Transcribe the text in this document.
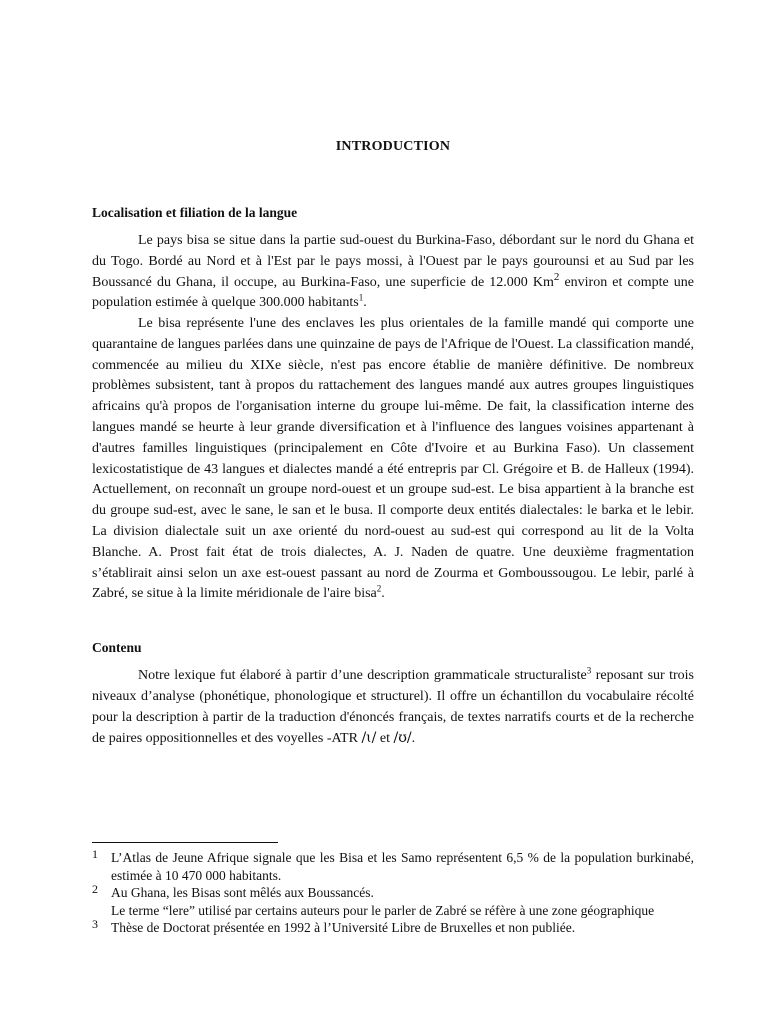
INTRODUCTION
Localisation et filiation de la langue

Le pays bisa se situe dans la partie sud-ouest du Burkina-Faso, débordant sur le nord du Ghana et du Togo. Bordé au Nord et à l'Est par le pays mossi, à l'Ouest par le pays gourounsi et au Sud par les Boussancé du Ghana, il occupe, au Burkina-Faso, une superficie de 12.000 Km$^2$ environ et compte une population estimée à quelque 300.000 habitants$^1$.

Le bisa représente l'une des enclaves les plus orientales de la famille mandé qui comporte une quarantaine de langues parlées dans une quinzaine de pays de l'Afrique de l'Ouest. La classification mandé, commencée au milieu du XIXe siècle, n'est pas encore établie de manière définitive. De nombreux problèmes subsistent, tant à propos du rattachement des langues mandé aux autres groupes linguistiques africains qu'à propos de l'organisation interne du groupe lui-même. De fait, la classification interne des langues mandé se heurte à leur grande diversification et à l'influence des langues voisines appartenant à d'autres familles linguistiques (principalement en Côte d'Ivoire et au Burkina Faso). Un classement lexicostatistique de 43 langues et dialectes mandé a été entrepris par Cl. Grégoire et B. de Halleux (1994). Actuellement, on reconnaît un groupe nord-ouest et un groupe sud-est. Le bisa appartient à la branche est du groupe sud-est, avec le sane, le san et le busa. Il comporte deux entités dialectales: le barka et le lebir. La division dialectale suit un axe orienté du nord-ouest au sud-est qui correspond au lit de la Volta Blanche. A. Prost fait état de trois dialectes, A. J. Naden de quatre. Une deuxième fragmentation s’établirait ainsi selon un axe est-ouest passant au nord de Zourma et Gomboussougou. Le lebir, parlé à Zabré, se situe à la limite méridionale de l'aire bisa$^2$.

Contenu

Notre lexique fut élaboré à partir d’une description grammaticale structuraliste$^3$ reposant sur trois niveaux d’analyse (phonétique, phonologique et structurel). Il offre un échantillon du vocabulaire récolté pour la description à partir de la traduction d'énoncés français, de textes narratifs courts et de la recherche de paires oppositionnelles et des voyelles -ATR /ɩ/ et /ʊ/.

1 L’Atlas de Jeune Afrique signale que les Bisa et les Samo représentent 6,5 % de la population burkinabé, estimée à 10 470 000 habitants.
2 Au Ghana, les Bisas sont mêlés aux Boussancés.
Le terme “lere” utilisé par certains auteurs pour le parler de Zabré se réfère à une zone géographique
3 Thèse de Doctorat présentée en 1992 à l’Université Libre de Bruxelles et non publiée.
